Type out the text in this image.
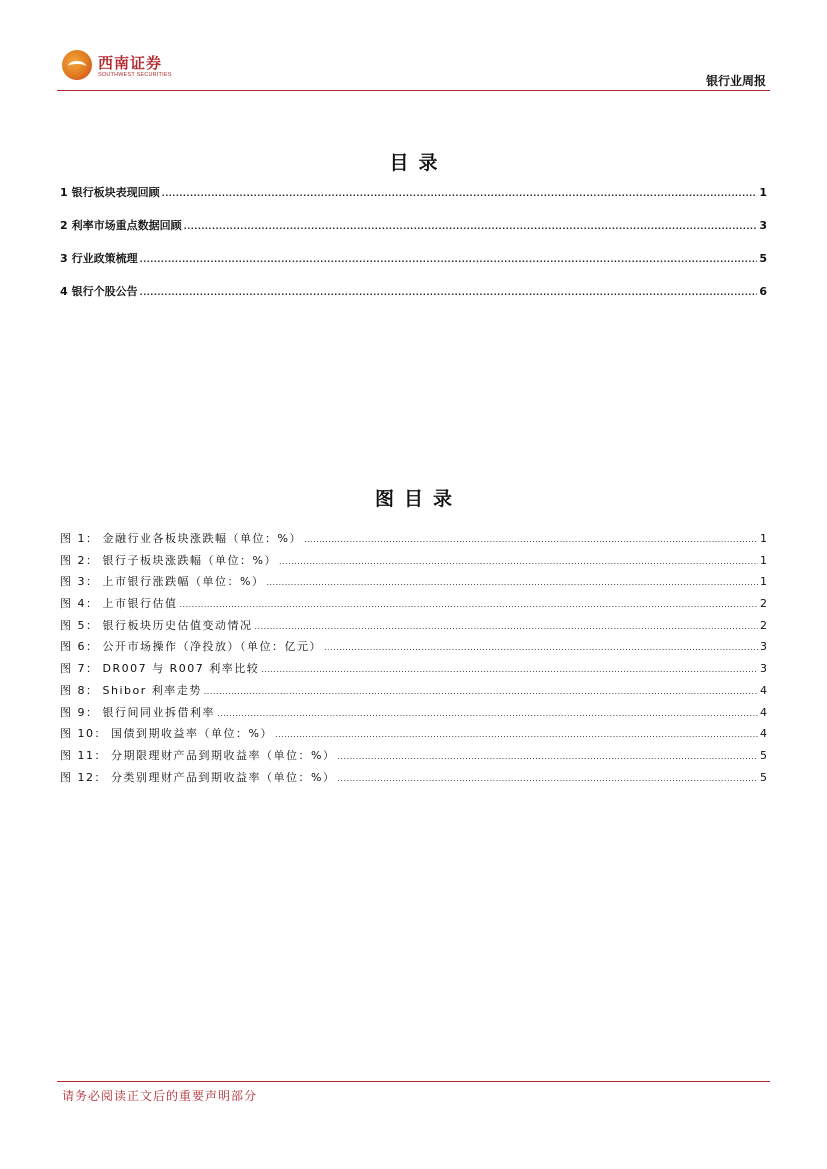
西南证券
SOUTHWEST SECURITIES	银行业周报
目录
1 银行板块表现回顾 .....	1
2 利率市场重点数据回顾 .....	3
3 行业政策梳理 .....	5
4 银行个股公告 .....	6
图目录
图 1： 金融行业各板块涨跌幅（单位：%） .....	1
图 2： 银行子板块涨跌幅（单位：%） .....	1
图 3： 上市银行涨跌幅（单位：%） .....	1
图 4： 上市银行估值 .....	2
图 5： 银行板块历史估值变动情况 .....	2
图 6： 公开市场操作（净投放）（单位：亿元） .....	3
图 7： DR007 与 R007 利率比较 .....	3
图 8： Shibor 利率走势 .....	4
图 9： 银行间同业拆借利率 .....	4
图 10： 国债到期收益率（单位：%） .....	4
图 11： 分期限理财产品到期收益率（单位：%） .....	5
图 12： 分类别理财产品到期收益率（单位：%） .....	5
请务必阅读正文后的重要声明部分
